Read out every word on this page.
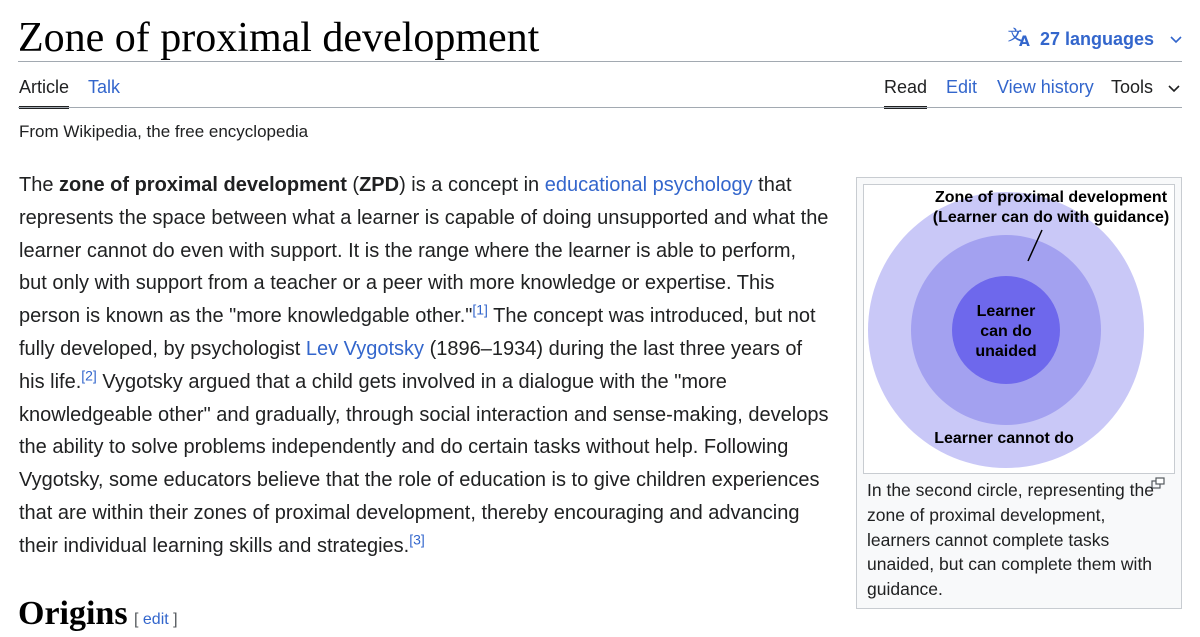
Zone of proximal development	文
A 27 languages
Article Talk	Read Edit View history Tools
From Wikipedia, the free encyclopedia
The zone of proximal development (ZPD) is a concept in educational psychology that represents the space between what a learner is capable of doing unsupported and what the learner cannot do even with support. It is the range where the learner is able to perform, but only with support from a teacher or a peer with more knowledge or expertise. This person is known as the "more knowledgable other."[1] The concept was introduced, but not fully developed, by psychologist Lev Vygotsky (1896–1934) during the last three years of his life.[2] Vygotsky argued that a child gets involved in a dialogue with the "more knowledgeable other" and gradually, through social interaction and sense-making, develops the ability to solve problems independently and do certain tasks without help. Following Vygotsky, some educators believe that the role of education is to give children experiences that are within their zones of proximal development, thereby encouraging and advancing their individual learning skills and strategies.[3]
Zone of proximal development
(Learner can do with guidance)
Learner
can do
unaided
Learner cannot do
In the second circle, representing the zone of proximal development, learners cannot complete tasks unaided, but can complete them with guidance.
Origins [ edit ]
